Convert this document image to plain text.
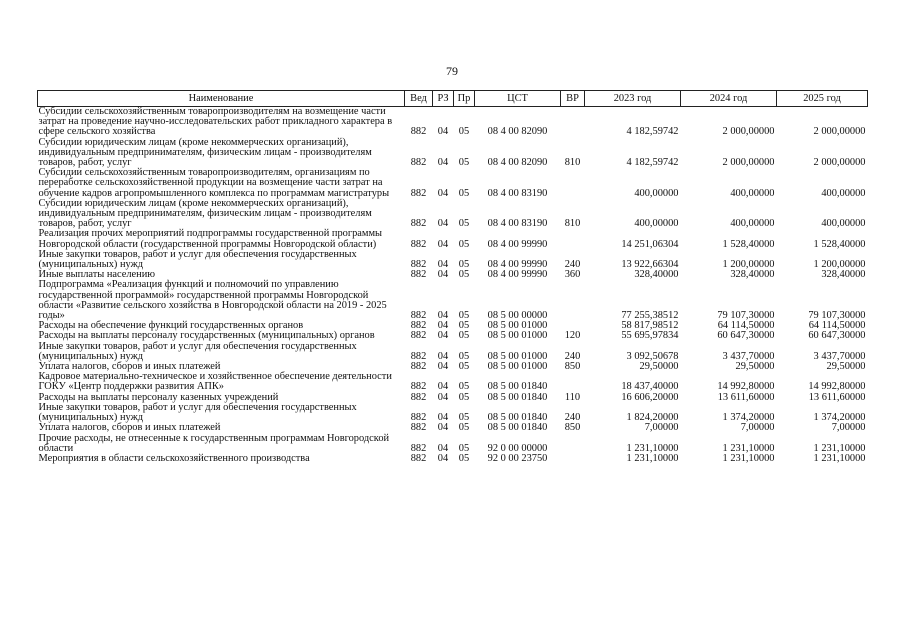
79
Наименование	Вед	РЗ	Пр	ЦСТ	ВР	2023 год	2024 год	2025 год
Субсидии сельскохозяйственным товаропроизводителям на возмещение части затрат на проведение научно-исследовательских работ прикладного характера в сфере сельского хозяйства	882	04	05	08 4 00 82090		4 182,59742	2 000,00000	2 000,00000
Субсидии юридическим лицам (кроме некоммерческих организаций), индивидуальным предпринимателям, физическим лицам - производителям товаров, работ, услуг	882	04	05	08 4 00 82090	810	4 182,59742	2 000,00000	2 000,00000
Субсидии сельскохозяйственным товаропроизводителям, организациям по переработке сельскохозяйственной продукции на возмещение части затрат на обучение кадров агропромышленного комплекса по программам магистратуры	882	04	05	08 4 00 83190		400,00000	400,00000	400,00000
Субсидии юридическим лицам (кроме некоммерческих организаций), индивидуальным предпринимателям, физическим лицам - производителям товаров, работ, услуг	882	04	05	08 4 00 83190	810	400,00000	400,00000	400,00000
Реализация прочих мероприятий подпрограммы государственной программы Новгородской области (государственной программы Новгородской области)	882	04	05	08 4 00 99990		14 251,06304	1 528,40000	1 528,40000
Иные закупки товаров, работ и услуг для обеспечения государственных (муниципальных) нужд	882	04	05	08 4 00 99990	240	13 922,66304	1 200,00000	1 200,00000
Иные выплаты населению	882	04	05	08 4 00 99990	360	328,40000	328,40000	328,40000
Подпрограмма «Реализация функций и полномочий по управлению государственной программой» государственной программы Новгородской области «Развитие сельского хозяйства в Новгородской области на 2019 - 2025 годы»	882	04	05	08 5 00 00000		77 255,38512	79 107,30000	79 107,30000
Расходы на обеспечение функций государственных органов	882	04	05	08 5 00 01000		58 817,98512	64 114,50000	64 114,50000
Расходы на выплаты персоналу государственных (муниципальных) органов	882	04	05	08 5 00 01000	120	55 695,97834	60 647,30000	60 647,30000
Иные закупки товаров, работ и услуг для обеспечения государственных (муниципальных) нужд	882	04	05	08 5 00 01000	240	3 092,50678	3 437,70000	3 437,70000
Уплата налогов, сборов и иных платежей	882	04	05	08 5 00 01000	850	29,50000	29,50000	29,50000
Кадровое материально-техническое и хозяйственное обеспечение деятельности ГОКУ «Центр поддержки развития АПК»	882	04	05	08 5 00 01840		18 437,40000	14 992,80000	14 992,80000
Расходы на выплаты персоналу казенных учреждений	882	04	05	08 5 00 01840	110	16 606,20000	13 611,60000	13 611,60000
Иные закупки товаров, работ и услуг для обеспечения государственных (муниципальных) нужд	882	04	05	08 5 00 01840	240	1 824,20000	1 374,20000	1 374,20000
Уплата налогов, сборов и иных платежей	882	04	05	08 5 00 01840	850	7,00000	7,00000	7,00000
Прочие расходы, не отнесенные к государственным программам Новгородской области	882	04	05	92 0 00 00000		1 231,10000	1 231,10000	1 231,10000
Мероприятия в области сельскохозяйственного производства	882	04	05	92 0 00 23750		1 231,10000	1 231,10000	1 231,10000
